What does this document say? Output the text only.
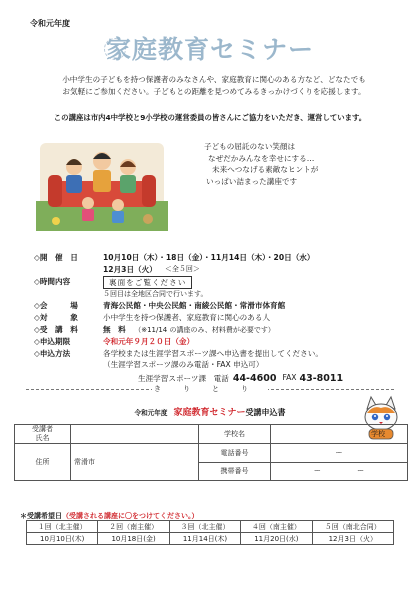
令和元年度
家庭教育セミナー

小中学生の子どもを持つ保護者のみなさんや、家庭教育に関心のある方など、どなたでも

お気軽にご参加ください。子どもとの距離を見つめてみるきっかけづくりを応援します。

この講座は市内4中学校と9小学校の運営委員の皆さんにご協力をいただき、運営しています。

子どもの屈託のない笑顔は

なぜだかみんなを幸せにする…

未来へつなげる素敵なヒントが

いっぱい詰まった講座です

◇開　催　日	10月10日（木）・18日（金）・11月14日（木）・20日（水）
12月3日（火） ＜全５回＞
◇時間内容	裏面をご覧ください
５回目は全地区合同で行います。
◇会　　　場	青海公民館・中央公民館・南綾公民館・常滑市体育館
◇対　　　象	小中学生を持つ保護者、家庭教育に関心のある人
◇受　講　料	無　料 （※11/14 の講座のみ、材料費が必要です）
◇申込期限	令和元年９月２０日（金）
◇申込方法	各学校または生涯学習スポーツ課へ申込書を提出してください。
（生涯学習スポーツ課のみ電話・FAX 申込可）
生涯学習スポーツ課　電話 44-4600 FAX 43-8011
き り と り
令和元年度 家庭教育セミナー受講申込書
受講者
氏名		学校名	学校
住所	常滑市	電話番号	ー
		携帯番号	ー ー
＊受講希望日（受講される講座に〇をつけてください。）
１回（北主催）	２回（南主催）	３回（北主催）	４回（南主催）	５回（南北合同）
10月10日(木)	10月18日(金)	11月14日(木)	11月20日(水)	12月3日（火）
